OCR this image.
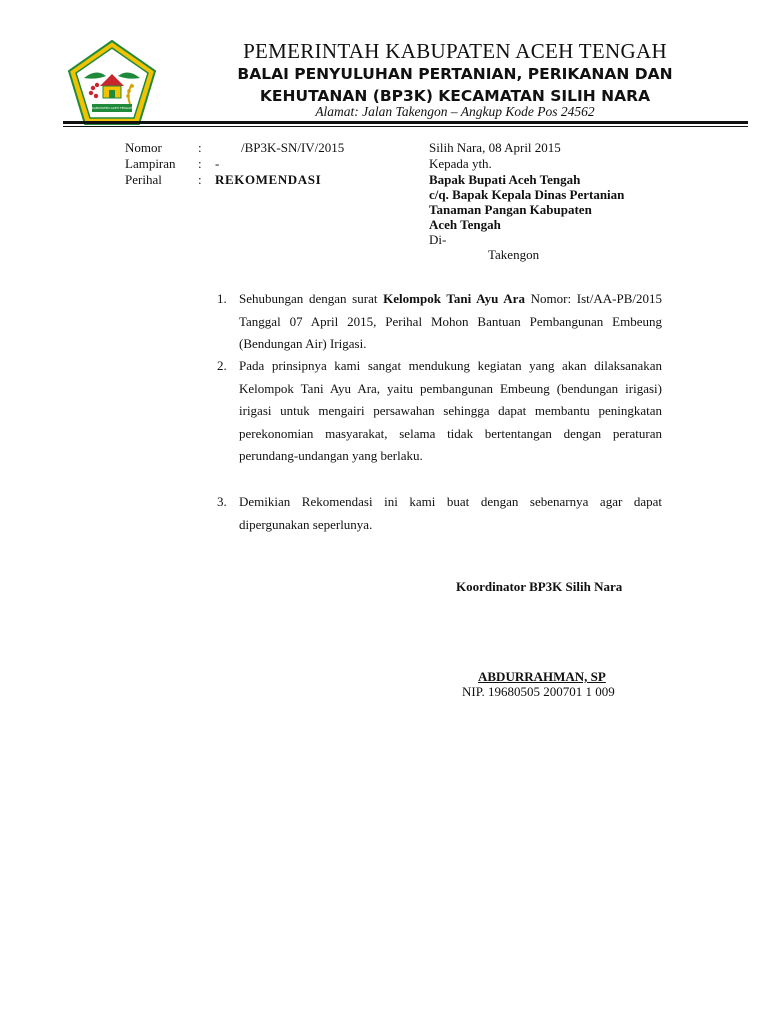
KABUPATEN ACEH TENGAH
PEMERINTAH KABUPATEN ACEH TENGAH
BALAI PENYULUHAN PERTANIAN, PERIKANAN DAN
KEHUTANAN (BP3K) KECAMATAN SILIH NARA
Alamat: Jalan Takengon – Angkup Kode Pos 24562
Nomor	:	/BP3K-SN/IV/2015
Lampiran : -
Perihal	: REKOMENDASI
Silih Nara, 08 April 2015
Kepada yth.
Bapak Bupati Aceh Tengah
c/q. Bapak Kepala Dinas Pertanian
Tanaman Pangan Kabupaten
Aceh Tengah
Di-
Takengon
1. Sehubungan dengan surat Kelompok Tani Ayu Ara Nomor: Ist/AA-PB/2015 Tanggal 07 April 2015, Perihal Mohon Bantuan Pembangunan Embeung (Bendungan Air) Irigasi.
2. Pada prinsipnya kami sangat mendukung kegiatan yang akan dilaksanakan Kelompok Tani Ayu Ara, yaitu pembangunan Embeung (bendungan irigasi) irigasi untuk mengairi persawahan sehingga dapat membantu peningkatan perekonomian masyarakat, selama tidak bertentangan dengan peraturan perundang-undangan yang berlaku.
3. Demikian Rekomendasi ini kami buat dengan sebenarnya agar dapat dipergunakan seperlunya.
Koordinator BP3K Silih Nara
ABDURRAHMAN, SP
NIP. 19680505 200701 1 009
